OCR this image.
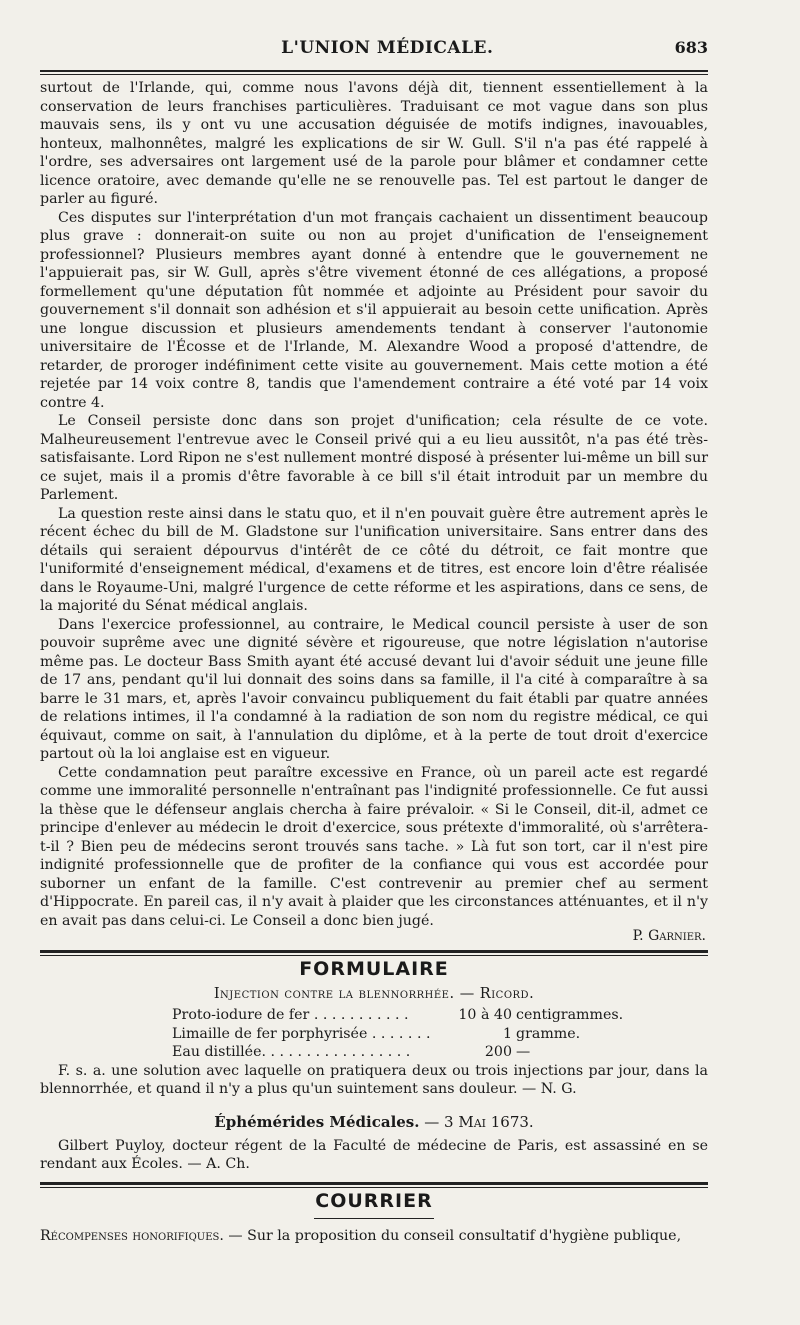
L'UNION MÉDICALE.	683

surtout de l'Irlande, qui, comme nous l'avons déjà dit, tiennent essentiellement à la conservation de leurs franchises particulières. Traduisant ce mot vague dans son plus mauvais sens, ils y ont vu une accusation déguisée de motifs indignes, inavouables, honteux, malhonnêtes, malgré les explications de sir W. Gull. S'il n'a pas été rappelé à l'ordre, ses adversaires ont largement usé de la parole pour blâmer et condamner cette licence oratoire, avec demande qu'elle ne se renouvelle pas. Tel est partout le danger de parler au figuré.

Ces disputes sur l'interprétation d'un mot français cachaient un dissentiment beaucoup plus grave : donnerait-on suite ou non au projet d'unification de l'enseignement professionnel? Plusieurs membres ayant donné à entendre que le gouvernement ne l'appuierait pas, sir W. Gull, après s'être vivement étonné de ces allégations, a proposé formellement qu'une députation fût nommée et adjointe au Président pour savoir du gouvernement s'il donnait son adhésion et s'il appuierait au besoin cette unification. Après une longue discussion et plusieurs amendements tendant à conserver l'autonomie universitaire de l'Écosse et de l'Irlande, M. Alexandre Wood a proposé d'attendre, de retarder, de proroger indéfiniment cette visite au gouvernement. Mais cette motion a été rejetée par 14 voix contre 8, tandis que l'amendement contraire a été voté par 14 voix contre 4.

Le Conseil persiste donc dans son projet d'unification; cela résulte de ce vote. Malheureusement l'entrevue avec le Conseil privé qui a eu lieu aussitôt, n'a pas été très-satisfaisante. Lord Ripon ne s'est nullement montré disposé à présenter lui-même un bill sur ce sujet, mais il a promis d'être favorable à ce bill s'il était introduit par un membre du Parlement.

La question reste ainsi dans le statu quo, et il n'en pouvait guère être autrement après le récent échec du bill de M. Gladstone sur l'unification universitaire. Sans entrer dans des détails qui seraient dépourvus d'intérêt de ce côté du détroit, ce fait montre que l'uniformité d'enseignement médical, d'examens et de titres, est encore loin d'être réalisée dans le Royaume-Uni, malgré l'urgence de cette réforme et les aspirations, dans ce sens, de la majorité du Sénat médical anglais.

Dans l'exercice professionnel, au contraire, le Medical council persiste à user de son pouvoir suprême avec une dignité sévère et rigoureuse, que notre législation n'autorise même pas. Le docteur Bass Smith ayant été accusé devant lui d'avoir séduit une jeune fille de 17 ans, pendant qu'il lui donnait des soins dans sa famille, il l'a cité à comparaître à sa barre le 31 mars, et, après l'avoir convaincu publiquement du fait établi par quatre années de relations intimes, il l'a condamné à la radiation de son nom du registre médical, ce qui équivaut, comme on sait, à l'annulation du diplôme, et à la perte de tout droit d'exercice partout où la loi anglaise est en vigueur.

Cette condamnation peut paraître excessive en France, où un pareil acte est regardé comme une immoralité personnelle n'entraînant pas l'indignité professionnelle. Ce fut aussi la thèse que le défenseur anglais chercha à faire prévaloir. « Si le Conseil, dit-il, admet ce principe d'enlever au médecin le droit d'exercice, sous prétexte d'immoralité, où s'arrêtera-t-il ? Bien peu de médecins seront trouvés sans tache. » Là fut son tort, car il n'est pire indignité professionnelle que de profiter de la confiance qui vous est accordée pour suborner un enfant de la famille. C'est contrevenir au premier chef au serment d'Hippocrate. En pareil cas, il n'y avait à plaider que les circonstances atténuantes, et il n'y en avait pas dans celui-ci. Le Conseil a donc bien jugé.

P. Garnier.
FORMULAIRE
Injection contre la blennorrhée. — Ricord.
Proto-iodure de fer . . . . . . . . . . .	10 à 40 centigrammes.
Limaille de fer porphyrisée . . . . . . .	1 gramme.
Eau distillée. . . . . . . . . . . . . . . . .	200 —

F. s. a. une solution avec laquelle on pratiquera deux ou trois injections par jour, dans la blennorrhée, et quand il n'y a plus qu'un suintement sans douleur. — N. G.

Éphémérides Médicales. — 3 Mai 1673.

Gilbert Puyloy, docteur régent de la Faculté de médecine de Paris, est assassiné en se rendant aux Écoles. — A. Ch.

COURRIER

Récompenses honorifiques. — Sur la proposition du conseil consultatif d'hygiène publique,
